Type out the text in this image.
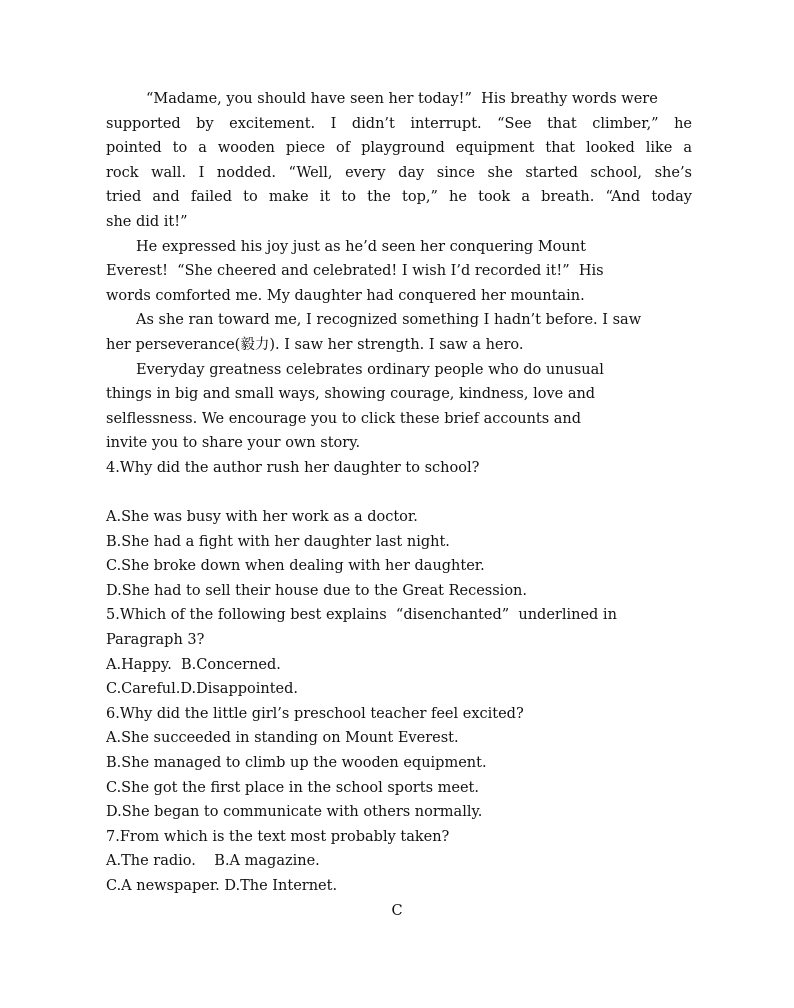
“Madame, you should have seen her today!”  His breathy words were
supported by excitement. I didn’t interrupt. “See that climber,” he
pointed to a wooden piece of playground equipment that looked like a
rock wall. I nodded. “Well, every day since she started school, she’s
tried and failed to make it to the top,” he took a breath. “And today
she did it!”
He expressed his joy just as he’d seen her conquering Mount
Everest!  “She cheered and celebrated! I wish I’d recorded it!”  His
words comforted me. My daughter had conquered her mountain.
As she ran toward me, I recognized something I hadn’t before. I saw
her perseverance(毅力). I saw her strength. I saw a hero.
Everyday greatness celebrates ordinary people who do unusual
things in big and small ways, showing courage, kindness, love and
selflessness. We encourage you to click these brief accounts and
invite you to share your own story.
4.Why did the author rush her daughter to school?
A.She was busy with her work as a doctor.
B.She had a fight with her daughter last night.
C.She broke down when dealing with her daughter.
D.She had to sell their house due to the Great Recession.
5.Which of the following best explains  “disenchanted”  underlined in
Paragraph 3?
A.Happy.  B.Concerned.
C.Careful.D.Disappointed.
6.Why did the little girl’s preschool teacher feel excited?
A.She succeeded in standing on Mount Everest.
B.She managed to climb up the wooden equipment.
C.She got the first place in the school sports meet.
D.She began to communicate with others normally.
7.From which is the text most probably taken?
A.The radio.    B.A magazine.
C.A newspaper. D.The Internet.
C
